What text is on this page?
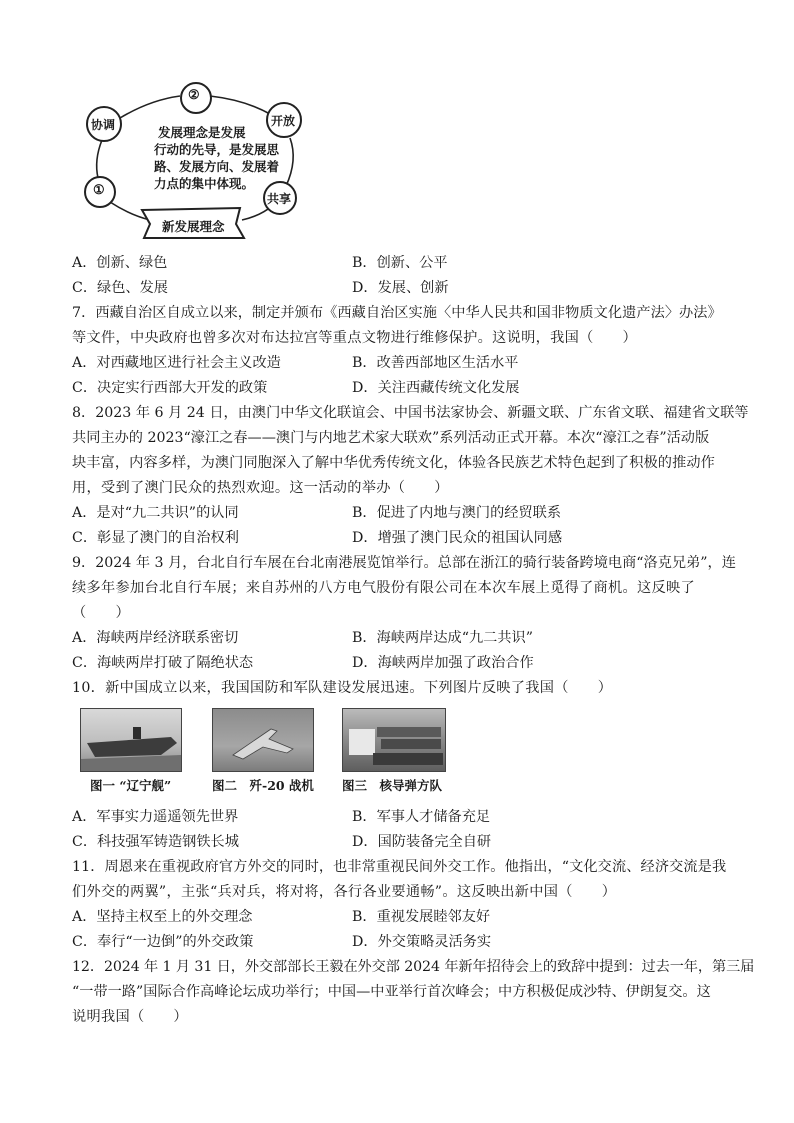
②
协调	开放
①
共享
发展理念是发展
行动的先导，是发展思
路、发展方向、发展着
力点的集中体现。
新发展理念
A．创新、绿色	B．创新、公平
C．绿色、发展	D．发展、创新
7．西藏自治区自成立以来，制定并颁布《西藏自治区实施〈中华人民共和国非物质文化遗产法〉办法》
等文件，中央政府也曾多次对布达拉宫等重点文物进行维修保护。这说明，我国（　　）
A．对西藏地区进行社会主义改造	B．改善西部地区生活水平
C．决定实行西部大开发的政策	D．关注西藏传统文化发展
8．2023 年 6 月 24 日，由澳门中华文化联谊会、中国书法家协会、新疆文联、广东省文联、福建省文联等
共同主办的 2023“濠江之春——澳门与内地艺术家大联欢”系列活动正式开幕。本次“濠江之春”活动版
块丰富，内容多样，为澳门同胞深入了解中华优秀传统文化，体验各民族艺术特色起到了积极的推动作
用，受到了澳门民众的热烈欢迎。这一活动的举办（　　）
A．是对“九二共识”的认同	B．促进了内地与澳门的经贸联系
C．彰显了澳门的自治权利	D．增强了澳门民众的祖国认同感
9．2024 年 3 月，台北自行车展在台北南港展览馆举行。总部在浙江的骑行装备跨境电商“洛克兄弟”，连
续多年参加台北自行车展；来自苏州的八方电气股份有限公司在本次车展上觅得了商机。这反映了
（　　）
A．海峡两岸经济联系密切	B．海峡两岸达成“九二共识”
C．海峡两岸打破了隔绝状态	D．海峡两岸加强了政治合作
10．新中国成立以来，我国国防和军队建设发展迅速。下列图片反映了我国（　　）
图一 “辽宁舰”	图二　歼-20 战机 图三　核导弹方队
A．军事实力遥遥领先世界	B．军事人才储备充足
C．科技强军铸造钢铁长城	D．国防装备完全自研
11．周恩来在重视政府官方外交的同时，也非常重视民间外交工作。他指出，“文化交流、经济交流是我
们外交的两翼”，主张“兵对兵，将对将，各行各业要通畅”。这反映出新中国（　　）
A．坚持主权至上的外交理念	B．重视发展睦邻友好
C．奉行“一边倒”的外交政策	D．外交策略灵活务实
12．2024 年 1 月 31 日，外交部部长王毅在外交部 2024 年新年招待会上的致辞中提到：过去一年，第三届
“一带一路”国际合作高峰论坛成功举行；中国—中亚举行首次峰会；中方积极促成沙特、伊朗复交。这
说明我国（　　）
